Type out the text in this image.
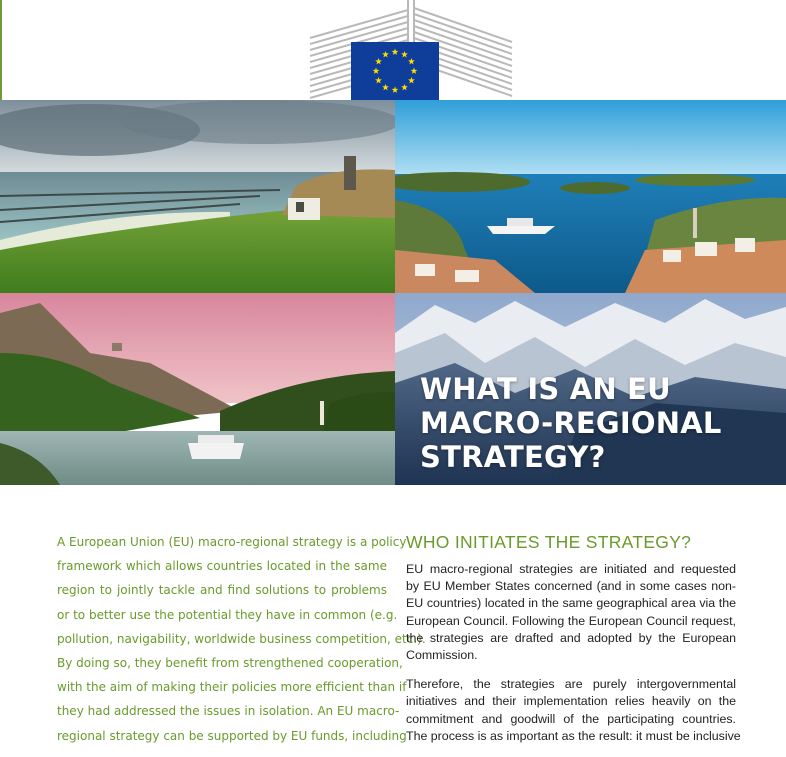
WHAT IS AN EU
MACRO-REGIONAL
STRATEGY?
A European Union (EU) macro-regional strategy is a policy
framework which allows countries located in the same
region to jointly tackle and find solutions to problems
or to better use the potential they have in common (e.g.
pollution, navigability, worldwide business competition, etc.).
By doing so, they benefit from strengthened cooperation,
with the aim of making their policies more efficient than if
they had addressed the issues in isolation. An EU macro-
regional strategy can be supported by EU funds, including
WHO INITIATES THE STRATEGY?
EU macro-regional strategies are initiated and requested
by EU Member States concerned (and in some cases non-
EU countries) located in the same geographical area via the
European Council. Following the European Council request,
the strategies are drafted and adopted by the European
Commission.
Therefore, the strategies are purely intergovernmental
initiatives and their implementation relies heavily on the
commitment and goodwill of the participating countries.
The process is as important as the result: it must be inclusive
